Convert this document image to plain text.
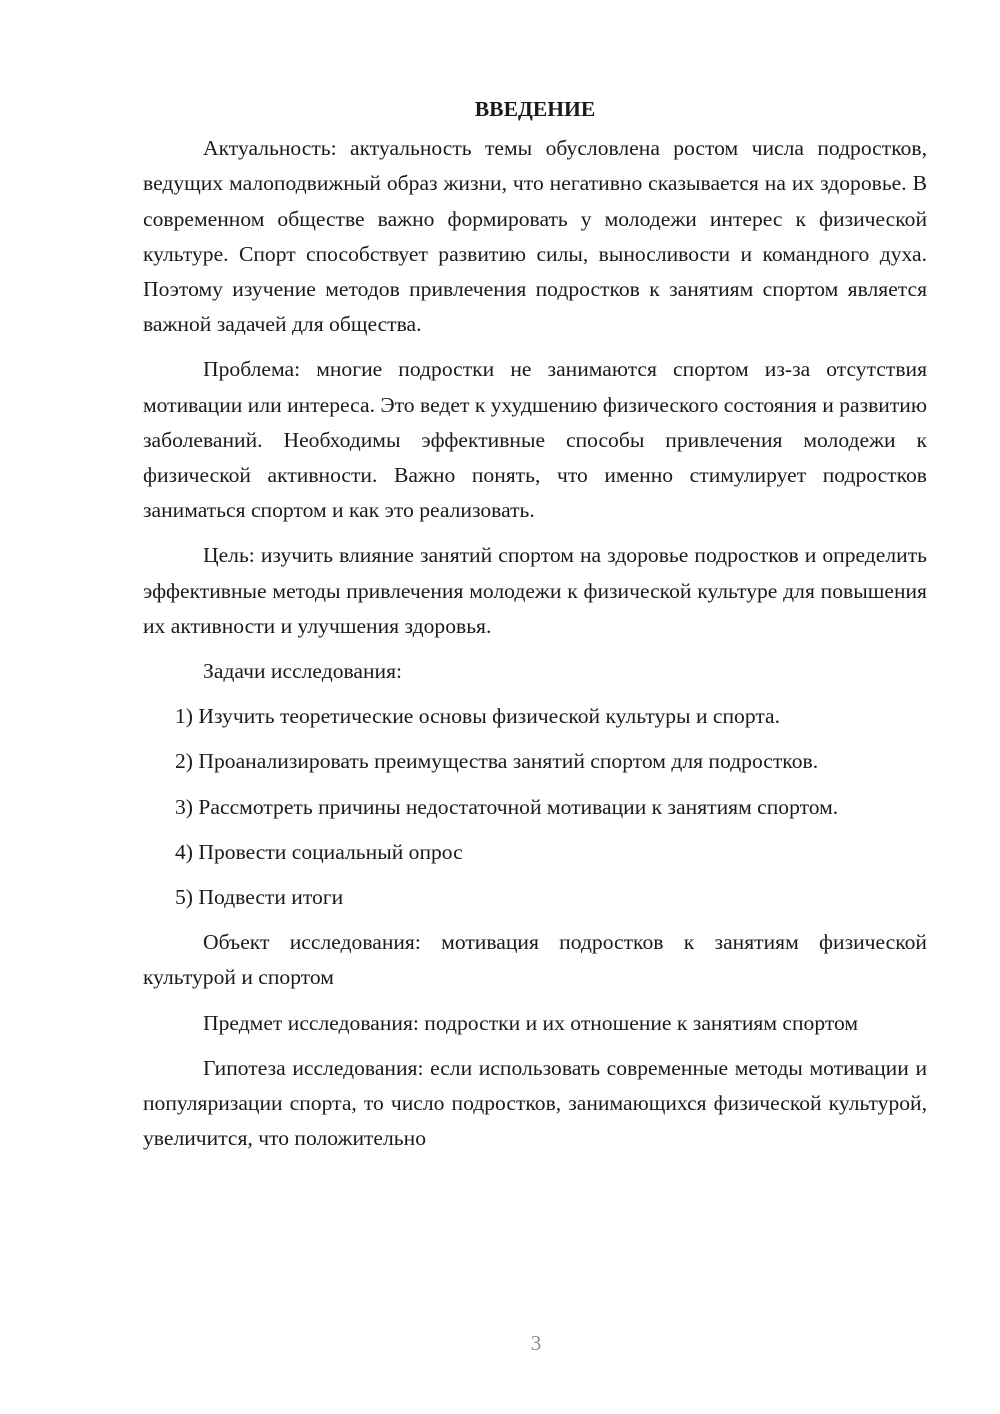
ВВЕДЕНИЕ

Актуальность: актуальность темы обусловлена ростом числа подростков, ведущих малоподвижный образ жизни, что негативно сказывается на их здоровье. В современном обществе важно формировать у молодежи интерес к физической культуре. Спорт способствует развитию силы, выносливости и командного духа. Поэтому изучение методов привлечения подростков к занятиям спортом является важной задачей для общества.

Проблема: многие подростки не занимаются спортом из-за отсутствия мотивации или интереса. Это ведет к ухудшению физического состояния и развитию заболеваний. Необходимы эффективные способы привлечения молодежи к физической активности. Важно понять, что именно стимулирует подростков заниматься спортом и как это реализовать.

Цель: изучить влияние занятий спортом на здоровье подростков и определить эффективные методы привлечения молодежи к физической культуре для повышения их активности и улучшения здоровья.

Задачи исследования:

1) Изучить теоретические основы физической культуры и спорта.

2) Проанализировать преимущества занятий спортом для подростков.

3) Рассмотреть причины недостаточной мотивации к занятиям спортом.

4) Провести социальный опрос

5) Подвести итоги

Объект исследования: мотивация подростков к занятиям физической культурой и спортом

Предмет исследования: подростки и их отношение к занятиям спортом

Гипотеза исследования: если использовать современные методы мотивации и популяризации спорта, то число подростков, занимающихся физической культурой, увеличится, что положительно

3
